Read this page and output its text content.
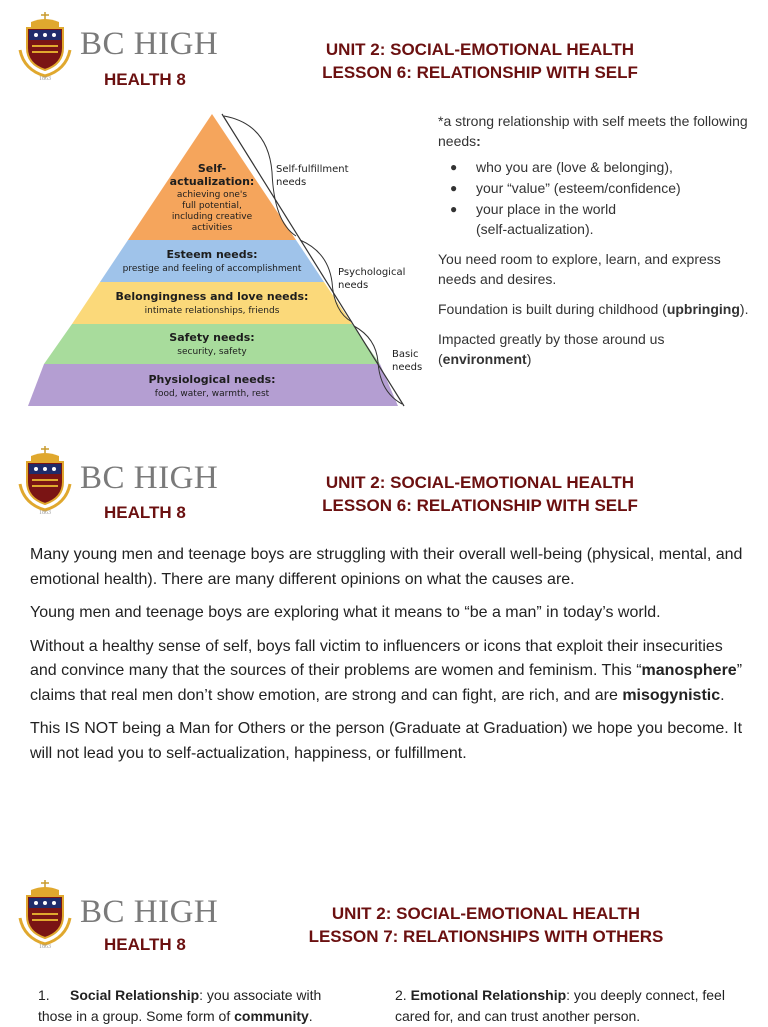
1863
BC HIGH
HEALTH 8
UNIT 2: SOCIAL-EMOTIONAL HEALTH
LESSON 6: RELATIONSHIP WITH SELF
Self-
actualization:
achieving one's
full potential,
including creative
activities
Esteem needs:
prestige and feeling of accomplishment
Belongingness and love needs:
intimate relationships, friends
Safety needs:
security, safety
Physiological needs:
food, water, warmth, rest
Self-fulfillment
needs
Psychological
needs
Basic
needs

*a strong relationship with self meets the following needs:

● who you are (love & belonging),
● your “value” (esteem/confidence)
● your place in the world
(self-actualization).

You need room to explore, learn, and express needs and desires.

Foundation is built during childhood (upbringing).

Impacted greatly by those around us (environment)

1863
BC HIGH
HEALTH 8
UNIT 2: SOCIAL-EMOTIONAL HEALTH
LESSON 6: RELATIONSHIP WITH SELF

Many young men and teenage boys are struggling with their overall well-being (physical, mental, and emotional health). There are many different opinions on what the causes are.

Young men and teenage boys are exploring what it means to “be a man” in today’s world.

Without a healthy sense of self, boys fall victim to influencers or icons that exploit their insecurities and convince many that the sources of their problems are women and feminism. This “manosphere” claims that real men don’t show emotion, are strong and can fight, are rich, and are misogynistic.

This IS NOT being a Man for Others or the person (Graduate at Graduation) we hope you become. It will not lead you to self-actualization, happiness, or fulfillment.

1863
BC HIGH
HEALTH 8
UNIT 2: SOCIAL-EMOTIONAL HEALTH
LESSON 7: RELATIONSHIPS WITH OTHERS
1. Social Relationship: you associate with those in a group. Some form of community.
2. Emotional Relationship: you deeply connect, feel cared for, and can trust another person.
